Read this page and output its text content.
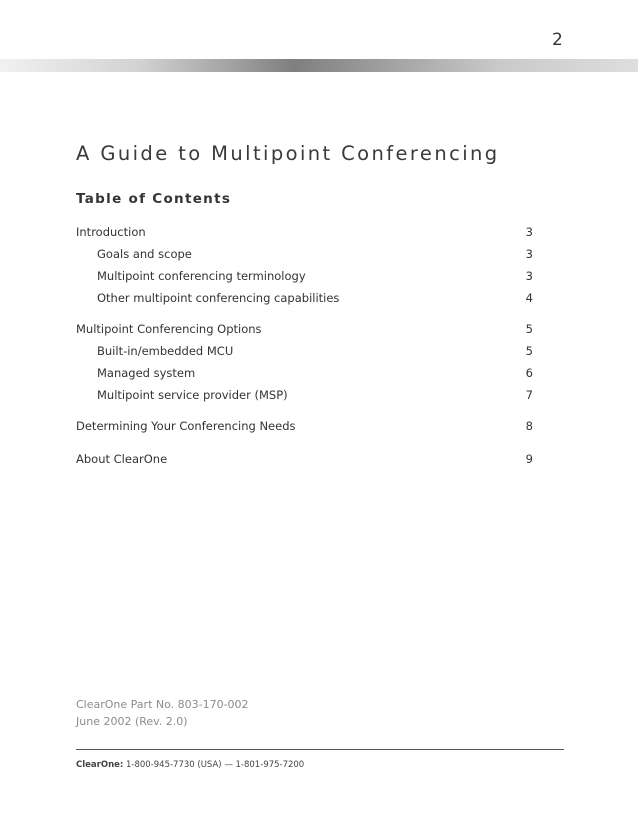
2
A Guide to Multipoint Conferencing
Table of Contents
Introduction	3
Goals and scope	3
Multipoint conferencing terminology	3
Other multipoint conferencing capabilities	4
Multipoint Conferencing Options	5
Built-in/embedded MCU	5
Managed system	6
Multipoint service provider (MSP)	7
Determining Your Conferencing Needs	8
About ClearOne	9
ClearOne Part No. 803-170-002
June 2002 (Rev. 2.0)
ClearOne: 1-800-945-7730 (USA) — 1-801-975-7200
